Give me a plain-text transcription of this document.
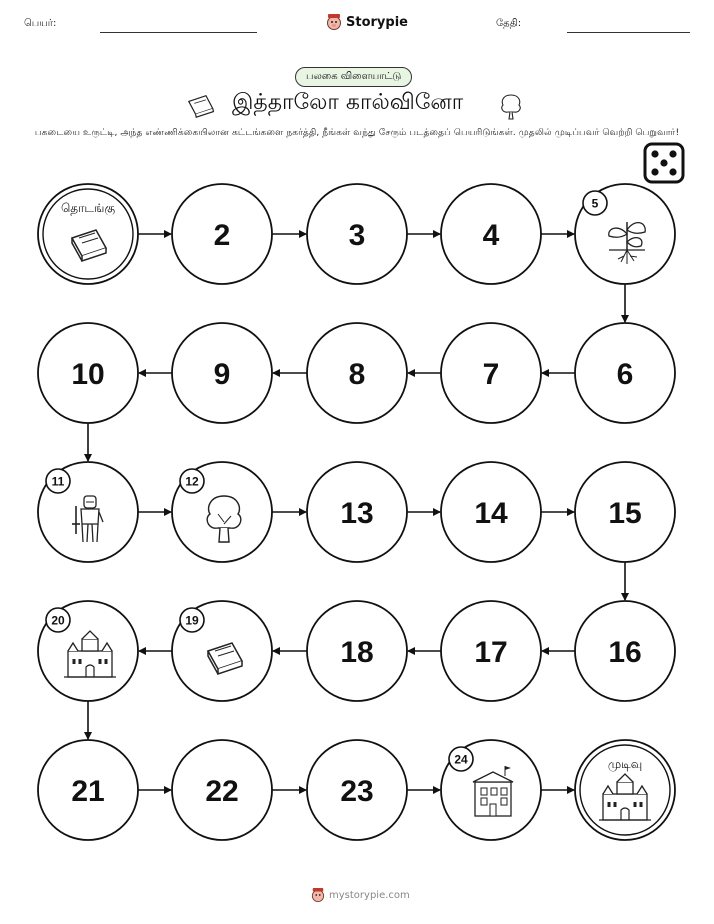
பெயர்:	Storypie	தேதி:
பலகை விளையாட்டு
இத்தாலோ கால்வினோ
பகடையை உருட்டி, அந்த எண்ணிக்கையிலான கட்டங்களை நகர்த்தி, நீங்கள் வந்து சேரும் படத்தைப் பெயரிடுங்கள். முதலில் முடிப்பவர் வெற்றி பெறுவார்!
தொடங்கு
2	3	4
5
6
7
8
9
10
11	12
13	14	15
16
17
18
19
20
21	22	23
24	முடிவு
mystorypie.com
